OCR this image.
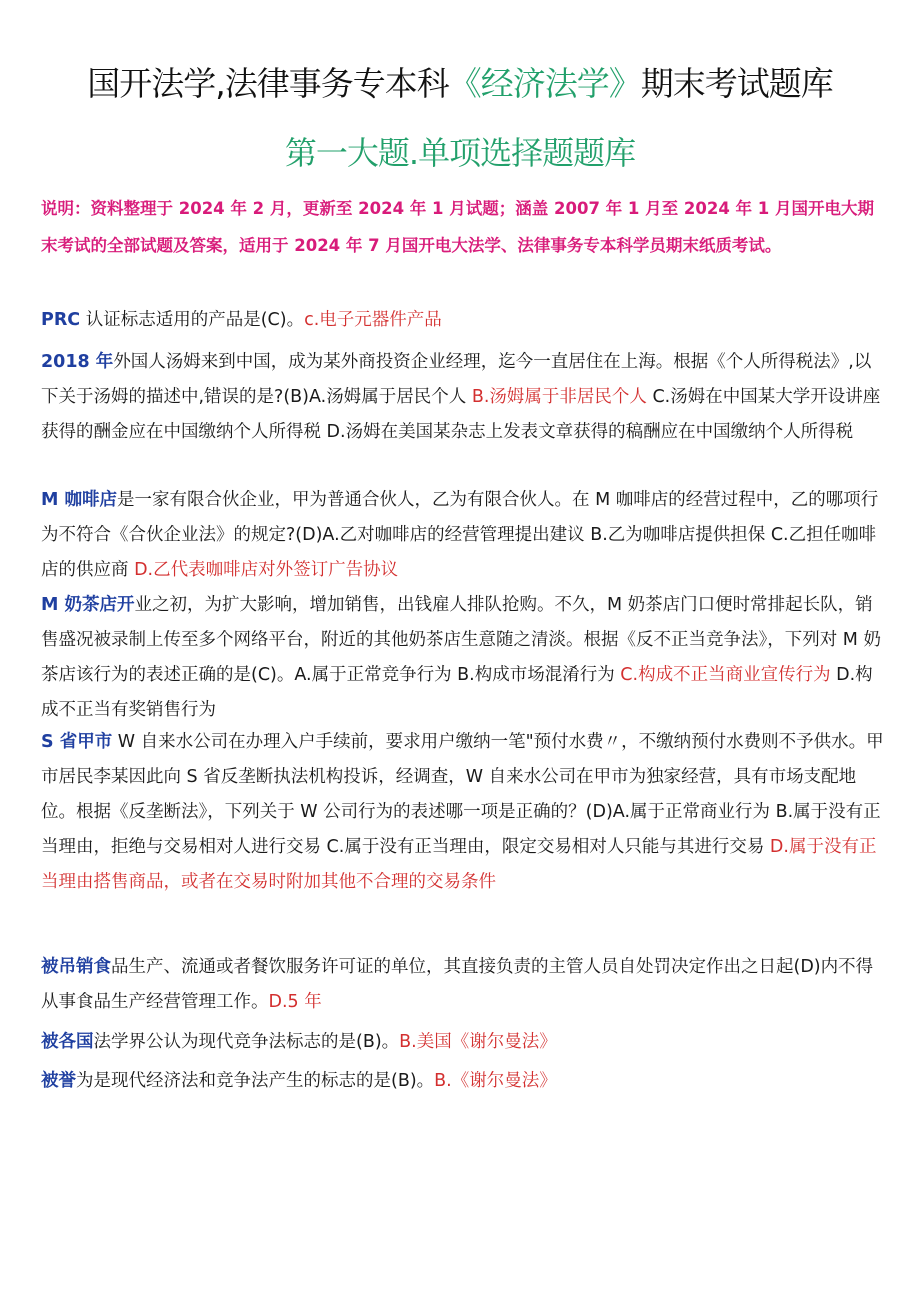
国开法学,法律事务专本科《经济法学》期末考试题库
第一大题.单项选择题题库
说明：资料整理于 2024 年 2 月，更新至 2024 年 1 月试题；涵盖 2007 年 1 月至 2024 年 1 月国开电大期末考试的全部试题及答案，适用于 2024 年 7 月国开电大法学、法律事务专本科学员期末纸质考试。
PRC 认证标志适用的产品是(C)。c.电子元器件产品
2018 年外国人汤姆来到中国，成为某外商投资企业经理，迄今一直居住在上海。根据《个人所得税法》,以下关于汤姆的描述中,错误的是?(B)A.汤姆属于居民个人 B.汤姆属于非居民个人 C.汤姆在中国某大学开设讲座获得的酬金应在中国缴纳个人所得税 D.汤姆在美国某杂志上发表文章获得的稿酬应在中国缴纳个人所得税
M 咖啡店是一家有限合伙企业，甲为普通合伙人，乙为有限合伙人。在 M 咖啡店的经营过程中，乙的哪项行为不符合《合伙企业法》的规定?(D)A.乙对咖啡店的经营管理提出建议 B.乙为咖啡店提供担保 C.乙担任咖啡店的供应商 D.乙代表咖啡店对外签订广告协议
M 奶茶店开业之初，为扩大影响，增加销售，出钱雇人排队抢购。不久，M 奶茶店门口便时常排起长队，销售盛况被录制上传至多个网络平台，附近的其他奶茶店生意随之清淡。根据《反不正当竞争法》，下列对 M 奶茶店该行为的表述正确的是(C)。A.属于正常竞争行为 B.构成市场混淆行为 C.构成不正当商业宣传行为 D.构成不正当有奖销售行为
S 省甲市 W 自来水公司在办理入户手续前，要求用户缴纳一笔"预付水费〃，不缴纳预付水费则不予供水。甲市居民李某因此向 S 省反垄断执法机构投诉，经调查，W 自来水公司在甲市为独家经营，具有市场支配地位。根据《反垄断法》，下列关于 W 公司行为的表述哪一项是正确的？(D)A.属于正常商业行为 B.属于没有正当理由，拒绝与交易相对人进行交易 C.属于没有正当理由，限定交易相对人只能与其进行交易 D.属于没有正当理由搭售商品，或者在交易时附加其他不合理的交易条件
被吊销食品生产、流通或者餐饮服务许可证的单位，其直接负责的主管人员自处罚决定作出之日起(D)内不得从事食品生产经营管理工作。D.5 年
被各国法学界公认为现代竞争法标志的是(B)。B.美国《谢尔曼法》
被誉为是现代经济法和竞争法产生的标志的是(B)。B.《谢尔曼法》
